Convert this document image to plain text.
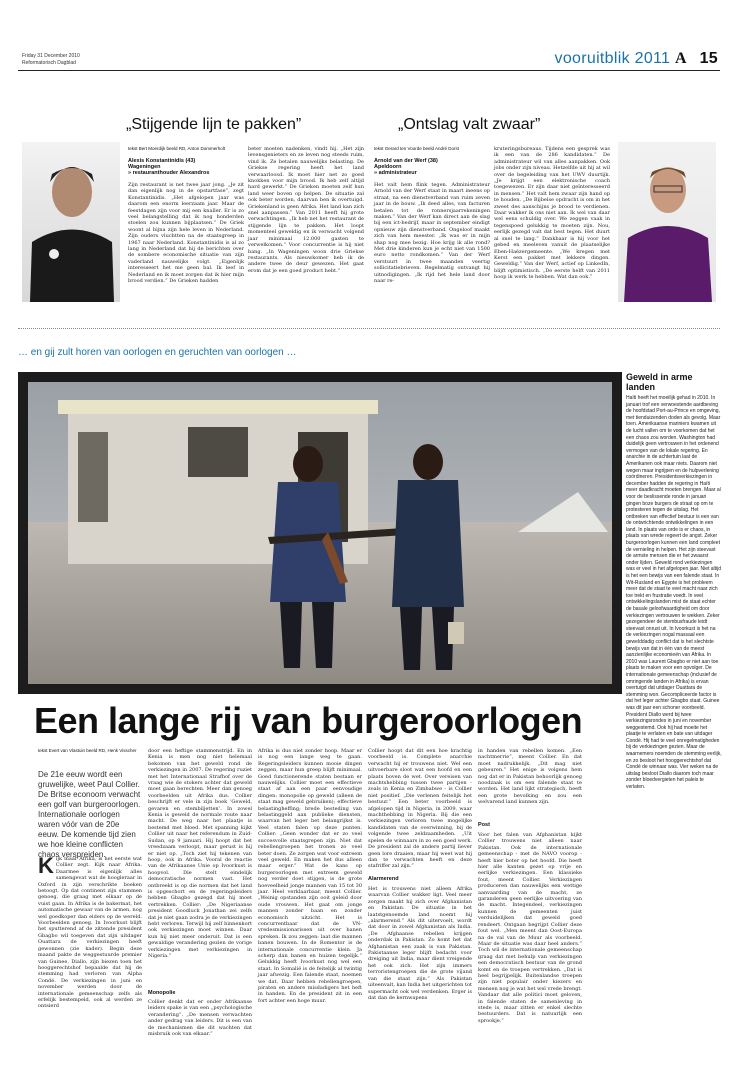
Friday 31 December 2010
Reformatorisch Dagblad	vooruitblik 2011 A 15
„Stijgende lijn te pakken”
tekst Bert Moerdijk beeld RD, Anton Dommerholt
Alexis Konstantinidis (43)
Wageningen
» restauranthouder Alexandros
Zijn restaurant is net twee jaar jong. „Je zit dan eigenlijk nog in de opstartfase”, zegt Konstantinidis. „Het afgelopen jaar was daarom een enorm leerzaam jaar. Maar de feestdagen zijn voor mij een knaller. Er is zo veel belangstelling dat ik nog honderden stoelen zou kunnen bijplaatsen.” De Griek woont al bijna zijn hele leven in Nederland. Zijn ouders vluchtten na de staatsgreep in 1967 naar Nederland. Konstantinidis is al zo lang in Nederland dat hij de berichten over de sombere economische situatie van zijn vaderland nauwelijks volgt. „Eigenlijk interesseert het me geen bal. Ik leef in Nederland en ik moet zorgen dat ik hier mijn brood verdien.” De Grieken hadden
beter moeten nadenken, vindt hij. „Het zijn levensgenieters en ze leven nog steeds ruim, vind ik. Ze betalen nauwelijks belasting. De Griekse regering heeft het land verwaarloosd. Ik moet hier net zo goed knokken voor mijn brood. Ik heb zelf altijd hard gewerkt.” De Grieken moeten zelf hun land weer boven op helpen. De situatie zal ook beter worden, daarvan ben ik overtuigd. Griekenland is geen Afrika. Het land kan zich snel aanpassen.” Van 2011 heeft hij grote verwachtingen. „Ik heb net het restaurant de stijgende lijn te pakken. Het loopt momenteel geweldig en ik verwacht volgend jaar minimaal 12.000 gasten te verwelkomen.” Voor concurrentie is hij niet bang. „In Wageningen woon drie Griekse restaurants. Als nieuwkomer heb ik de andere twee de deur gewezen. Het gaat erom dat je een goed product hebt.”
„Ontslag valt zwaar”
tekst Gerard ten Voorde beeld André Dorst
Arnold van der Werf (38)
Apeldoorn
» administrateur
Het valt hem flink tegen. Administrateur Arnold van der Werf staat in maart ineens op straat, na een dienstverband van ruim zeven jaar in de bouw. „Ik deed alles, van facturen betalen tot de ronnersjaarrekeningen maken.” Van der Werf kan direct aan de slag bij een ict-bedrijf, maar in september eindigt opnieuw zijn dienstverband. Ongeloof maakt zich van hem meester. „Ik was er in mijn shap nog mee bezig. Hoe krijg ik alle rond? Met drie kinderen kun je echt niet van 1500 euro netto rondkomen.” Van der Werf verstuurt in twee maanden veertig sollicitatiebrieven. Regelmatig ontvangt hij uitnodigingen. „Ik rijd het hele land door naar re-
kruteringsbureaus. Tijdens een gesprek was ik een van de 286 kandidaten.” De administrateur wil van alles aanpakken. Ook jobs onder zijn niveau. Hetzelfde uit hij at wil over de begeleiding van het UWV duurtijk. „Je krijgt een elektronische coach toegewezen. Er zijn daar niet geïnteresseerd in mensen.” Het valt hem zwaar zijn hand op te houden. „De Bijbelse opdracht is om in het zweet des aanschijns je brood te verdienen. Daar wakker ik ons niet aan. Ik wel van daar wel eens schuldig over. We zeggen vaak in tegenspoed gelukkig te moeten zijn. Nou, eerlijk gezegd valt dat best tegen. Het duurt al snel te lang.” Dankbaar is hij voor het gebed en meeleven vanuit de plaatselijke Eben-Haëzergemeente. „We kregen met Kerst een pakket met lekkere dingen. Geweldig.” Van der Werf, actief op LinkedIn, blijft optimistisch. „De eerste helft van 2011 hoop ik werk te hebben. Wat dan ook.”
… en gij zult horen van oorlogen en geruchten van oorlogen …
Geweld in arme landen
Haïti heeft het moeilijk gehad in 2010. In januari trof een verwoestende aardbeving de hoofdstad Port-au-Prince en omgeving, met tienduizenden doden als gevolg. Maar toen. Amerikaanse mariniers kwamen uit de lucht vallen om te voorkomen dat het een chaos zou worden. Washington had duidelijk geen vertrouwen in het ordenend vermogen van de lokale regering. En anarchie in de achtertuin laat de Amerikanen ook maar niets. Daarom niet wegen maar ingrijpen en de hulpverlening coördineren. Presidentsverkiezingen in december hadden de regering in Haïti meer daadkracht moeten brengen. Maar al voor de beslissende ronde in januari gingen boze burgers de straat op om te protesteren tegen de uitslag. Het ontbreken van effectief bestuur is een van de ontwrichtende ontwikkelingen in een land. In plaats van orde is er chaos, in plaats van wrede regeert de angst. Zeker burgeroorlogen kunnen een land compleet de vernieling in helpen. Het zijn steevast de armste mensen die er het zwaarst onder lijden. Geweld rond verkiezingen was er veel in het afgelopen jaar. Niet altijd is het een bewijs van een falende staat. In Wit-Rusland en Egypte is het probleem meer dat de staat te veel macht naar zich toe trekt en frustratie voedt. In veel ontwikkelingslanden mist de staat echter de basale geloofwaardigheid om door verkiezingen vertrouwen te wekken. Zeker gezegendeer de stembusfraude leidt steevast onrust uit. In Ivoorkust is het na de verkiezingen nogal massaal een gewelddadig conflict dat is het slechtste bewijs van dat in één van de meest aanzienlijke economieën van Afrika. In 2010 was Laurent Gbagbo er niet aan toe plaats te maken voor een opvolger. De internationale gemeenschap (inclusief de omringende landen in Afrika) is ervan overtuigd dat uitdager Ouattara de stemming won. Gecompliceerde factor is dat het leger achter Gbagbo staat. Guinee was dit jaar een schoner voorbeeld. President Diallo werd bij twee verkiezingsrondes in juni en november weggestemd. Ook hij had moeite het plaatje te verlaten en bate van uitdager Condé. Hij had te veel onregelmatigheden bij de verkiezingen gezien. Maar de waarnemers noemden de stemming eerlijk, en zo besloot het hooggerechtshof dat Condé de winnaar was. Vier weken na de uitslag besloot Diallo daarom toch maar zonder bloedvergieten het paleis te verlaten.
Een lange rij van burgeroorlogen
tekst Evert van Vlastuin beeld RD, Henk Visscher
De 21e eeuw wordt een gruwelijke, weet Paul Collier. De Britse econoom verwacht een golf van burgeroorlogen. Internationale oorlogen waren vóór van de 20e eeuw. De komende tijd zien we hoe kleine conflicten chaos verspreiden.
Kijk maar Afrika, is het eerste wat Collier zegt. Kijk naar Afrika. Daarmee is eigenlijk alles samengevat wat de hoogleraar in Oxford in zijn verschrikte boeken betoogt. Op dat continent zijn stammen genoeg, die graag met elkaar op de vuist gaan. In Afrika is de bakermat, het automatische gewaar van de armen, nog wel goedkoper dan elders op de wereld. Voorbeelden genoeg. In Ivoorkust blijft het sputterend af de zittende president Gbagbo wil toegeven dat zijn uitdager Ouattara de verkiezingen heeft gewonnen (zie kader). Begin deze maand pakte de weggestuurde premier van Guinee, Diallo, zijn biezen toen het hooggerechtshof bepaalde dat hij de stemming had verloren van Alpha Condé. De verkiezingen in juni en november werden door de internationale gemeenschap zelfs als erfelijk bestempeld, ook al werden ze ontsierd
door een heftige stammenstrijd. En in Kenia is men nog niet helemaal bekomen van het geweld rond de verkiezingen in 2007. De regering ruziet met het Internationaal Strafhof over de vraag wie de stokers achter dat geweld moet gaan berechten. Meer dan genoeg voorbeelden uit Afrika dus. Collier beschrijft er vele in zijn boek ‘Geweld, gevaren en stembiljetten’. In zowel Kenia is geweld de normale route naar macht. De weg naar het plaatje is bestemd met bloed. Met spanning kijkt Collier uit naar het referendum in Zuid-Sudan, op 9 januari. Hij hoopt dat het vreedzaam verloopt, maar gerust is hij er niet op. „Toch ziet hij tekenen van hoop, ook in Afrika. Vooral de reactie van de Afrikaanse Unie op Ivoorkust is hoopvol. Die stelt eindelijk democratische normen vast. Het ontbreekt is op die normen dat het land is opgeschort en de regeringsleiders hebben Gbagbo gezegd dat hij moet vertrekken. Collier: „De Nigeriaanse president Goodluck Jonathan zei zelfs dat je niet gaan zodra je de verkiezingen hebt verloren. Terwijl hij zelf binnenkort ook verkiezingen moet winnen. Daar kun hij niet meer onderuit. Dat is een gewaldige verandering gezien de vorige verkiezingen met verkiezingen in Nigeria.”
Monopolie
Collier denkt dat er onder Afrikaanse leiders spake is van een „psychologische verandering”. „De mensen verwachten ander gedrag van leiders. Dit is een van de mechanismen die dit wachten dat misbruik ook van elkaar.”
Afrika is dus niet zonder hoop. Maar er is nog een lange weg te gaan. Regeringsleiders kunnen mooie dingen zeggen, maar hun greep blijft minimaal. Goed functionerende staten bestaan er nauwelijks. Collier moet een effectieve staat af aan een paar eenvoudige dingen: monopolie op geweld (alleen de staat mag geweld gebruiken); effectieve belastingheffing; brede besteding van belastinggeld aan publieke diensten, waarvan het leger het belangrijkst is. Veel staten falen op deze punten. Collier: „Geen wonder dat er zo veel succesvolle staatsgrepen zijn. Niet dat rebellengroepen het tronen zo veel beter doen. Ze zorgen wat voor extreem veel geweld. En maken het dus alleen maar erger.” Wat de kans op burgeroorlogen met extreem geweld nog verder doet stijgen, is de grote hoeveelheid jonge mannen van 15 tot 30 jaar. Heel verklaarbaar, meent Collier. „Weinig opstanden zijn ooit geleid door oude vrouwen. Het gaat om jonge mannen zonder baan en zonder economisch uitzicht. Het is concurrentbaar dat de VN-vredesmissionarissen uit over banen spreken. Ik zou zeggen: laat die mannen banen bouwen. In de Romentor is de internationale concurrentie klein. Ja scherp dan banen en huizen tegelijk.” Gelukkig heeft Ivoorkust nog wel een staat. In Somalië is de feitelijk al twintig jaar afwezig. Een falende staat, noemen we dat. Daar hebben rebellengroepen, piraten en andere misdadigers het heft in handen. En de president zit in een fort achter een hoge muur.
Collier hoopt dat dit een hoe krachtig voorbeeld is. Complete anarchie verwacht hij er trouwens niet. Wel een uitvoerbare sloot wat een hoofd en een plaats boven de wet. Over vereisen van machtshebbing tussen twee partijen - zoals in Kenia en Zimbabwe - is Collier niet positief. „Die verlenen feitelijk het bestuur.” Een beter voorbeeld is afgelopen tijd in Nigeria, in 2009, waar machthebbing in Nigeria. Bij die een verkiezingen verloren twee mogelijke kandidaten van de overwinning, bij de volgende twee zeldzaamheden. „Uit spelen de winnaars in zo een goed werk. De president zal de andere partij liever geen lore draaien, maar hij weet wat hij dan te verwachten heeft en deze stafriffer zal zijn.”
Alarmerend
Het is trouwens niet alleen Afrika waarvan Collier wakker ligt. Veel meer zorgen maakt hij zich over Afghanistan en Pakistan. De situatie in het laatstgenoemde land noemt hij „alarmerend.” Als dit uitervoelt, wordt dat door in zowel Afghanistan als India. „De Afghaanse rebellen krijgen onderdak in Pakistan. Zo komt het dat Afghanistan een zaak is van Pakistan. Pakistaanse leger blijft bedacht voor dreiging uit India, maar dient vreigende het ook zich. Het zijn immers terroristengroepen die de grote vijand van die staat zijn.” Als Pakistan uiteenvalt, kan India het uitgerichten tot supermacht ook wel verdenken. Erger is dat dan de kernwapens
in handen van rebellen komen. „Een nachtmerrie”, meent Collier. En dat moet nadrukkelijk. „Dit mag niet gebeuren.” Het enige is volgens hem nog dat er in Pakistan behoorlijk genoeg noodzaak is om een falende staat te worden. Het land lijkt strategisch, heeft een grote bevolking en zou een welvarend land kunnen zijn.
Post
Voor het falen van Afghanistan kijkt Collier trouwens niet alleen naar Pakistan. Ook de internationale gemeenschap - met de NAVO voorop - heeft hier boter op het hoofd. Die heeft hier alle kanten gezet op vrije en eerlijke verkiezingen. Een klassieke fout, meent Collier. Verkiezingen produceren dan nauwelijks een wettige aanvaarding van de macht, ze garanderen geen eerlijke uitvoering van de macht. Integendeel, verkiezingen kunnen de gemeenten juist verduidelijken dat geweld goed rendeert. Ontgaan begrijpt Collier deze fout wel. „Men meent dan Oost-Europa na de val van de Muur als voorbeeld. Maar de situatie was daar heel anders.” Toch wil de internationale gemeenschap graag dat met behulp van verkiezingen een democratisch bestuur van de grond komt en de troepen vertrekken. „Dat is heel begrijpelijk. Buitenlandse troepen zijn niet populair onder kiezers en mensen nog je wat het wel vrede brengt. Vandaar dat alle politici moet geloven, in falende staten de samenleving in stede is, maar zitten er enkel slechte bestuurders. Dat is natuurlijk een sprookje.”
